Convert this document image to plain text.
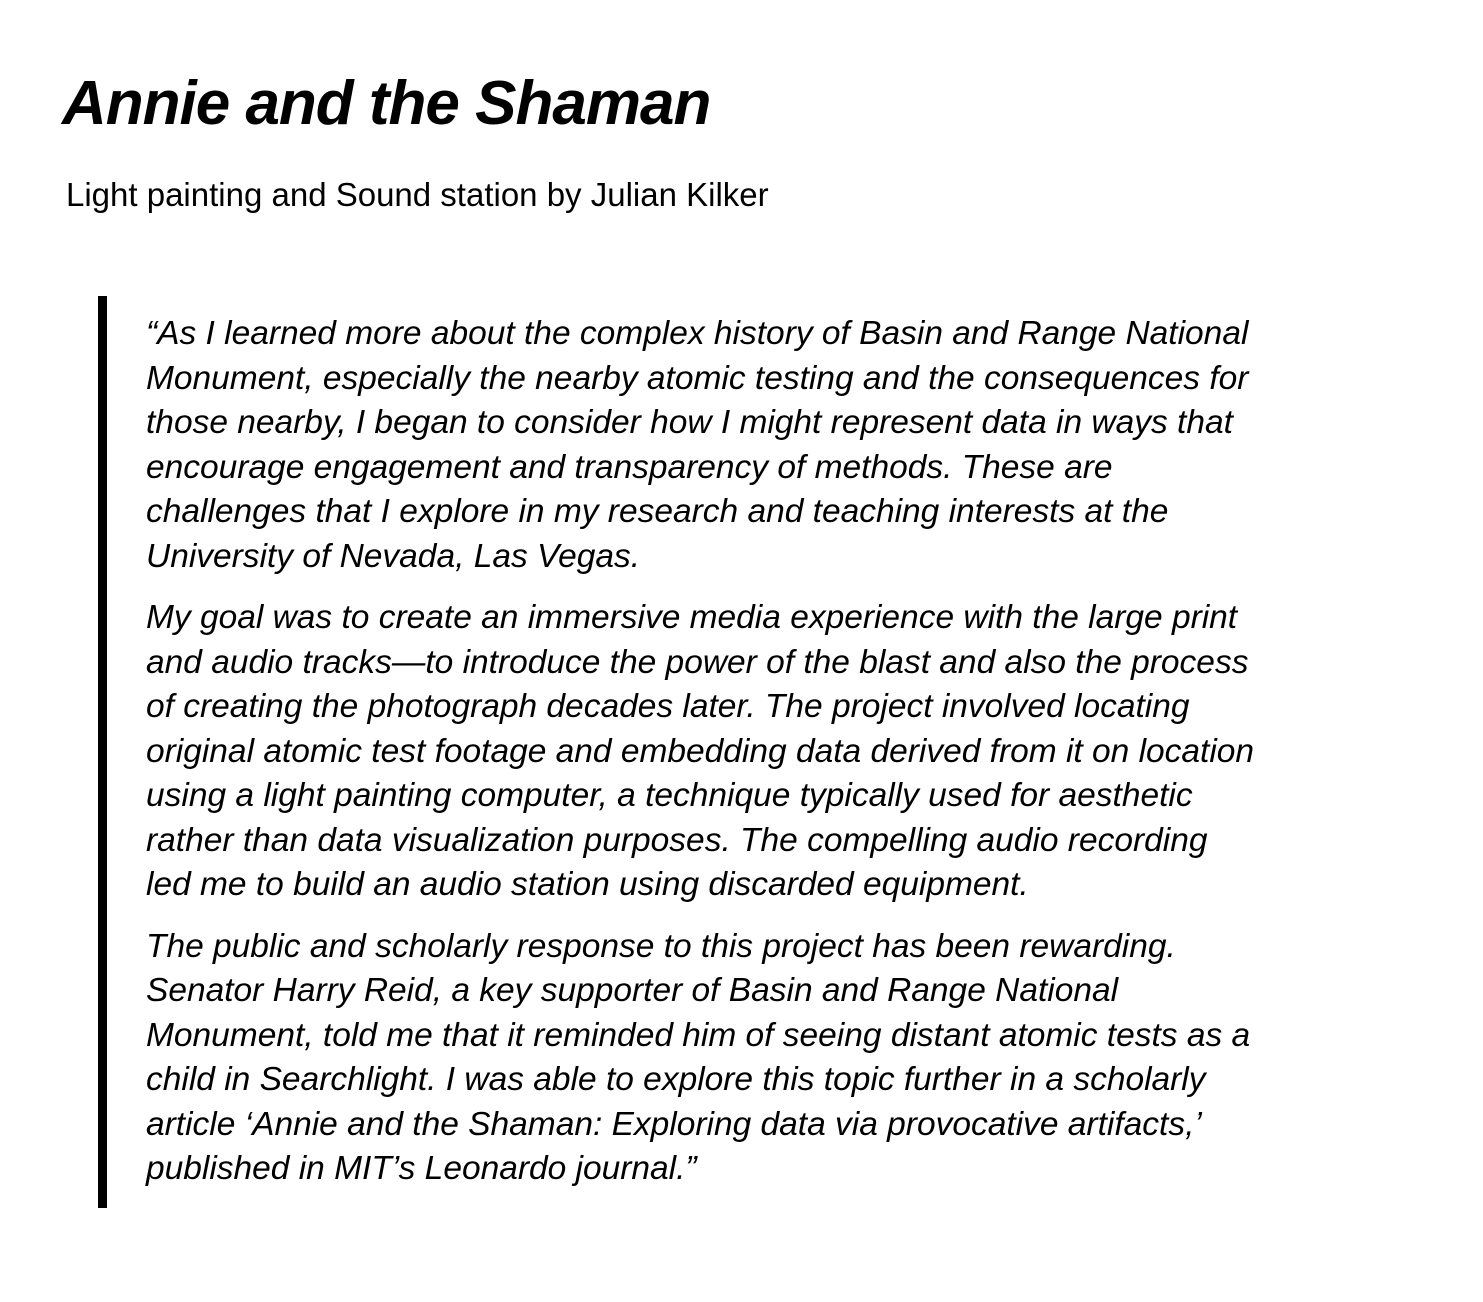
Annie and the Shaman
Light painting and Sound station by Julian Kilker

“As I learned more about the complex history of Basin and Range National
Monument, especially the nearby atomic testing and the consequences for
those nearby, I began to consider how I might represent data in ways that
encourage engagement and transparency of methods. These are
challenges that I explore in my research and teaching interests at the
University of Nevada, Las Vegas.

My goal was to create an immersive media experience with the large print
and audio tracks—to introduce the power of the blast and also the process
of creating the photograph decades later. The project involved locating
original atomic test footage and embedding data derived from it on location
using a light painting computer, a technique typically used for aesthetic
rather than data visualization purposes. The compelling audio recording
led me to build an audio station using discarded equipment.

The public and scholarly response to this project has been rewarding.
Senator Harry Reid, a key supporter of Basin and Range National
Monument, told me that it reminded him of seeing distant atomic tests as a
child in Searchlight. I was able to explore this topic further in a scholarly
article ‘Annie and the Shaman: Exploring data via provocative artifacts,’
published in MIT’s Leonardo journal.”
